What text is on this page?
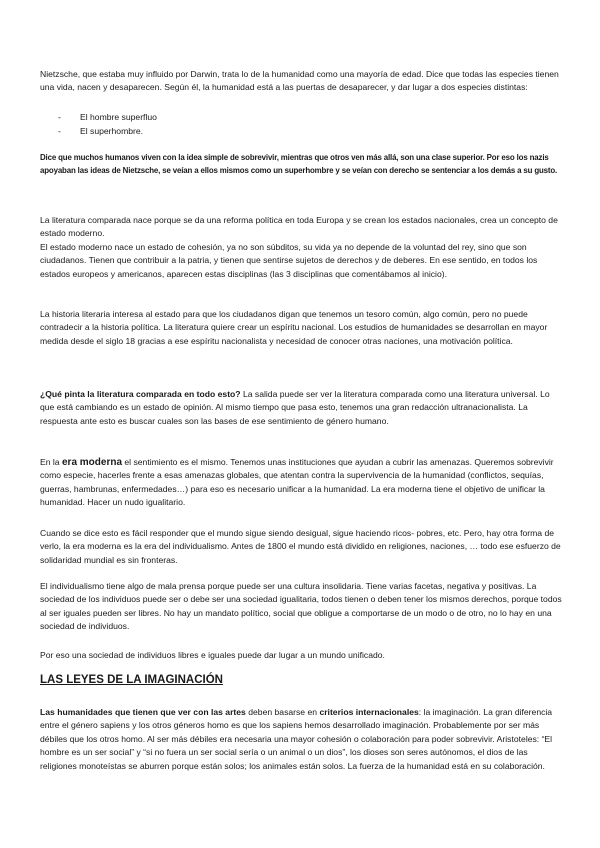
Nietzsche, que estaba muy influido por Darwin, trata lo de la humanidad como una mayoría de edad. Dice que todas las especies tienen una vida, nacen y desaparecen. Según él, la humanidad está a las puertas de desaparecer, y dar lugar a dos especies distintas:

- El hombre superfluo
- El superhombre.

Dice que muchos humanos viven con la idea simple de sobrevivir, mientras que otros ven más allá, son una clase superior. Por eso los nazis apoyaban las ideas de Nietzsche, se veían a ellos mismos como un superhombre y se veían con derecho se sentenciar a los demás a su gusto.

La literatura comparada nace porque se da una reforma política en toda Europa y se crean los estados nacionales, crea un concepto de estado moderno.

El estado moderno nace un estado de cohesión, ya no son súbditos, su vida ya no depende de la voluntad del rey, sino que son ciudadanos. Tienen que contribuir a la patria, y tienen que sentirse sujetos de derechos y de deberes. En ese sentido, en todos los estados europeos y americanos, aparecen estas disciplinas (las 3 disciplinas que comentábamos al inicio).

La historia literaria interesa al estado para que los ciudadanos digan que tenemos un tesoro común, algo común, pero no puede contradecir a la historia política. La literatura quiere crear un espíritu nacional. Los estudios de humanidades se desarrollan en mayor medida desde el siglo 18 gracias a ese espíritu nacionalista y necesidad de conocer otras naciones, una motivación política.

¿Qué pinta la literatura comparada en todo esto? La salida puede ser ver la literatura comparada como una literatura universal. Lo que está cambiando es un estado de opinión. Al mismo tiempo que pasa esto, tenemos una gran redacción ultranacionalista. La respuesta ante esto es buscar cuales son las bases de ese sentimiento de género humano.

En la era moderna el sentimiento es el mismo. Tenemos unas instituciones que ayudan a cubrir las amenazas. Queremos sobrevivir como especie, hacerles frente a esas amenazas globales, que atentan contra la supervivencia de la humanidad (conflictos, sequías, guerras, hambrunas, enfermedades…) para eso es necesario unificar a la humanidad. La era moderna tiene el objetivo de unificar la humanidad. Hacer un nudo igualitario.

Cuando se dice esto es fácil responder que el mundo sigue siendo desigual, sigue haciendo ricos- pobres, etc. Pero, hay otra forma de verlo, la era moderna es la era del individualismo. Antes de 1800 el mundo está dividido en religiones, naciones, … todo ese esfuerzo de solidaridad mundial es sin fronteras.

El individualismo tiene algo de mala prensa porque puede ser una cultura insolidaria. Tiene varias facetas, negativa y positivas. La sociedad de los individuos puede ser o debe ser una sociedad igualitaria, todos tienen o deben tener los mismos derechos, porque todos al ser iguales pueden ser libres. No hay un mandato político, social que obligue a comportarse de un modo o de otro, no lo hay en una sociedad de individuos.

Por eso una sociedad de individuos libres e iguales puede dar lugar a un mundo unificado.

LAS LEYES DE LA IMAGINACIÓN

Las humanidades que tienen que ver con las artes deben basarse en criterios internacionales: la imaginación. La gran diferencia entre el género sapiens y los otros géneros homo es que los sapiens hemos desarrollado imaginación. Probablemente por ser más débiles que los otros homo. Al ser más débiles era necesaria una mayor cohesión o colaboración para poder sobrevivir. Aristoteles: “El hombre es un ser social” y “si no fuera un ser social sería o un animal o un dios”, los dioses son seres autónomos, el dios de las religiones monoteístas se aburren porque están solos; los animales están solos. La fuerza de la humanidad está en su colaboración.
